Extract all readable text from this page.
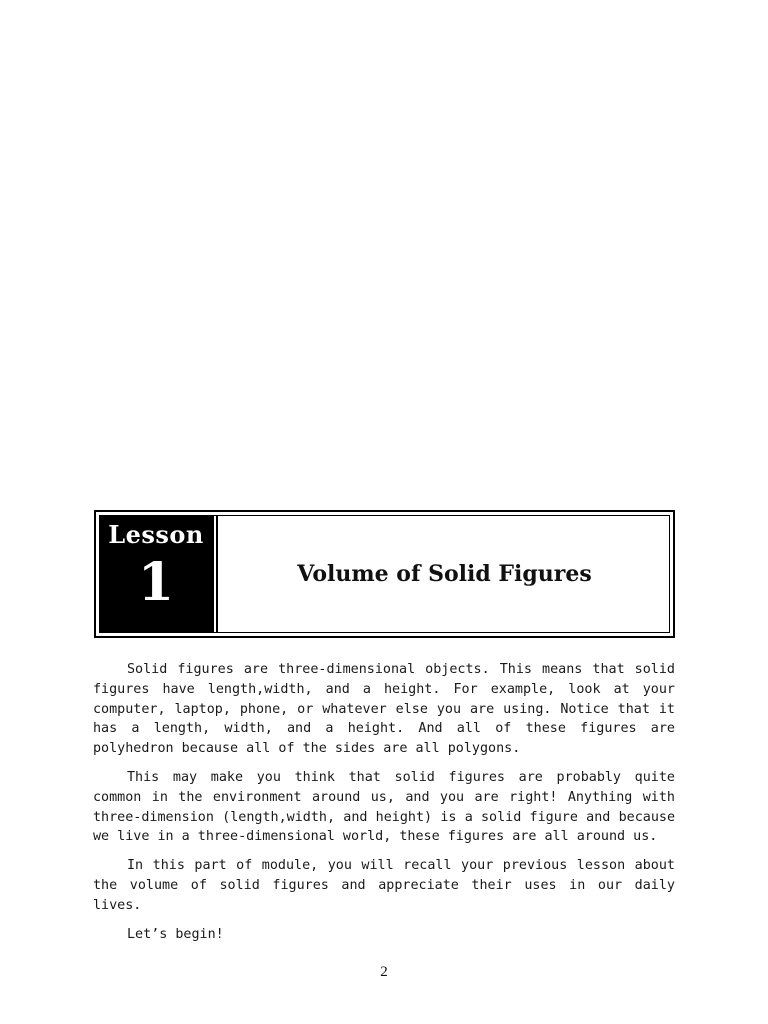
Lesson
1	Volume of Solid Figures

Solid figures are three-dimensional objects. This means that solid figures have length,width, and a height. For example, look at your computer, laptop, phone, or whatever else you are using. Notice that it has a length, width, and a height. And all of these figures are polyhedron because all of the sides are all polygons.

This may make you think that solid figures are probably quite common in the environment around us, and you are right! Anything with three-dimension (length,width, and height) is a solid figure and because we live in a three-dimensional world, these figures are all around us.

In this part of module, you will recall your previous lesson about the volume of solid figures and appreciate their uses in our daily lives.

Let’s begin!

2
